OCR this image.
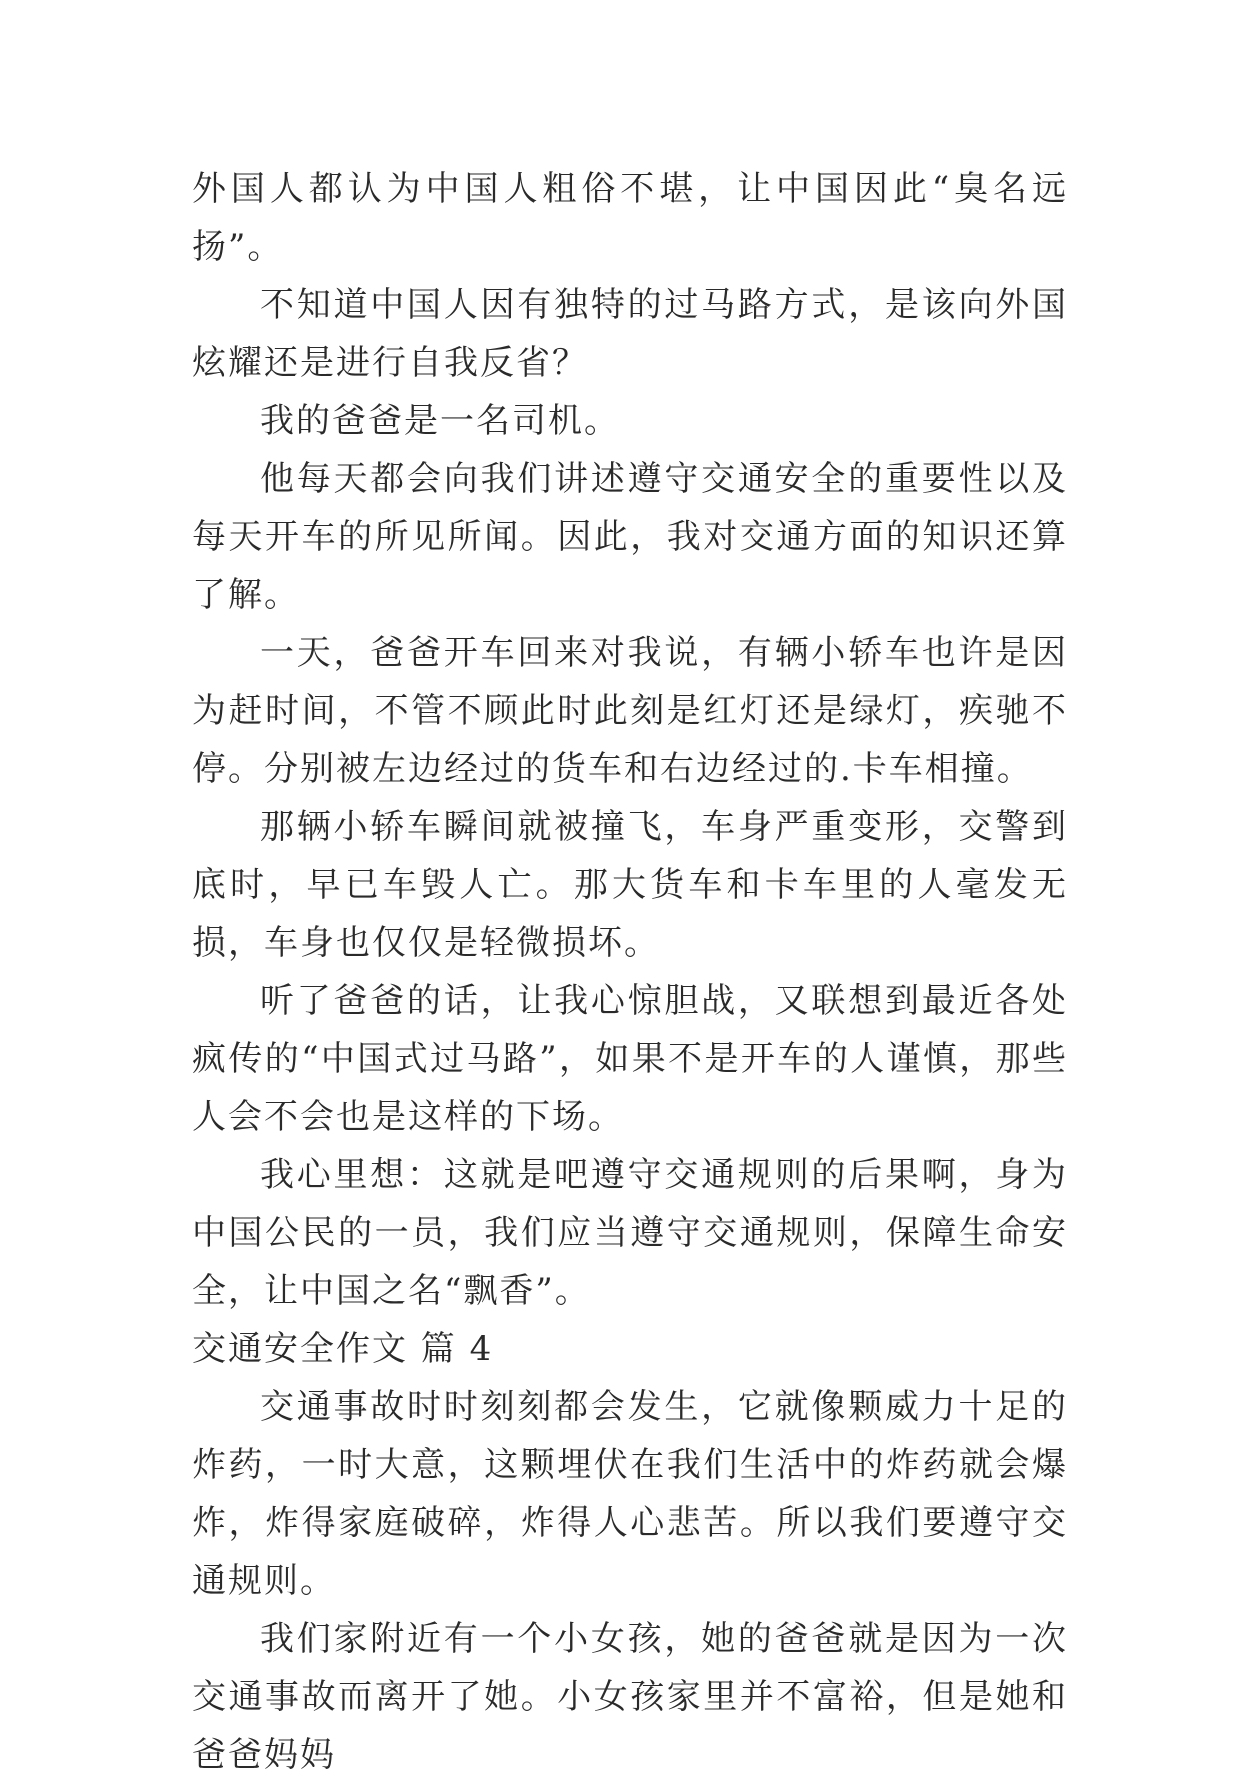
外国人都认为中国人粗俗不堪，让中国因此“臭名远扬”。

不知道中国人因有独特的过马路方式，是该向外国炫耀还是进行自我反省？

我的爸爸是一名司机。

他每天都会向我们讲述遵守交通安全的重要性以及每天开车的所见所闻。因此，我对交通方面的知识还算了解。

一天，爸爸开车回来对我说，有辆小轿车也许是因为赶时间，不管不顾此时此刻是红灯还是绿灯，疾驰不停。分别被左边经过的货车和右边经过的.卡车相撞。

那辆小轿车瞬间就被撞飞，车身严重变形，交警到底时，早已车毁人亡。那大货车和卡车里的人毫发无损，车身也仅仅是轻微损坏。

听了爸爸的话，让我心惊胆战，又联想到最近各处疯传的“中国式过马路”，如果不是开车的人谨慎，那些人会不会也是这样的下场。

我心里想：这就是吧遵守交通规则的后果啊，身为中国公民的一员，我们应当遵守交通规则，保障生命安全，让中国之名“飘香”。

交通安全作文 篇 4

交通事故时时刻刻都会发生，它就像颗威力十足的炸药，一时大意，这颗埋伏在我们生活中的炸药就会爆炸，炸得家庭破碎，炸得人心悲苦。所以我们要遵守交通规则。

我们家附近有一个小女孩，她的爸爸就是因为一次交通事故而离开了她。小女孩家里并不富裕，但是她和爸爸妈妈
